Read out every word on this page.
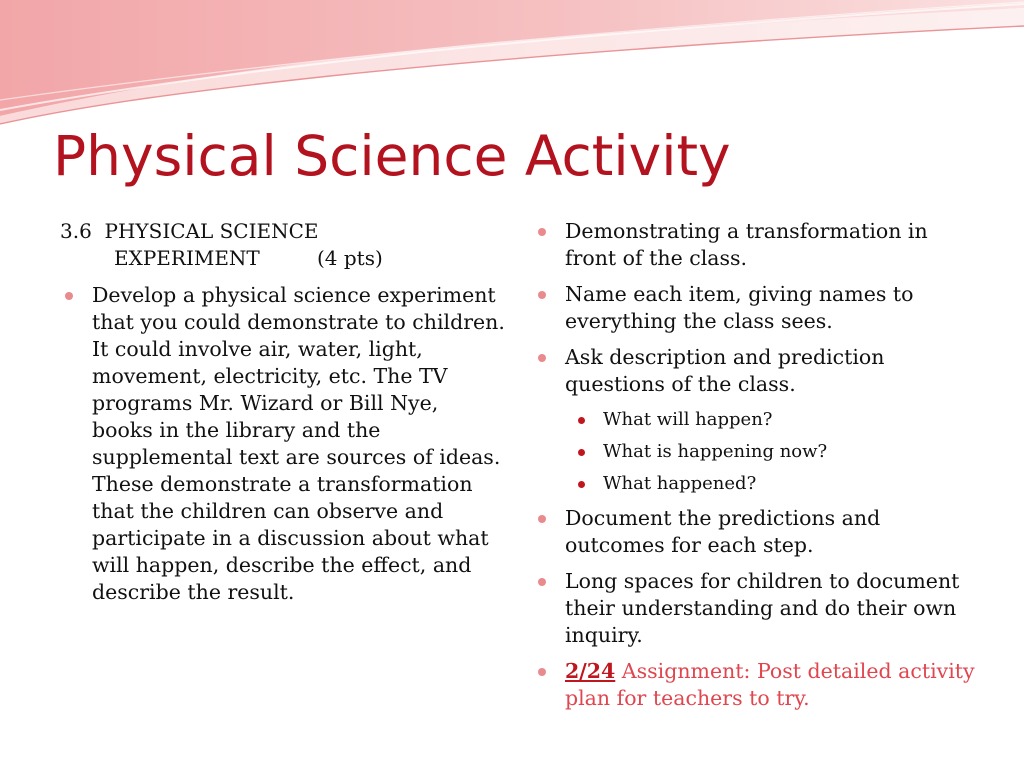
Physical Science Activity
3.6  PHYSICAL SCIENCE
EXPERIMENT         (4 pts)
Develop a physical science experiment that you could demonstrate to children. It could involve air, water, light, movement, electricity, etc. The TV programs Mr. Wizard or Bill Nye, books in the library and the supplemental text are sources of ideas. These demonstrate a transformation that the children can observe and participate in a discussion about what will happen, describe the effect, and describe the result.
Demonstrating a transformation in front of the class.
Name each item, giving names to everything the class sees.
Ask description and prediction questions of the class.
What will happen?
What is happening now?
What happened?
Document the predictions and outcomes for each step.
Long spaces for children to document their understanding and do their own inquiry.
2/24 Assignment: Post detailed activity plan for teachers to try.
